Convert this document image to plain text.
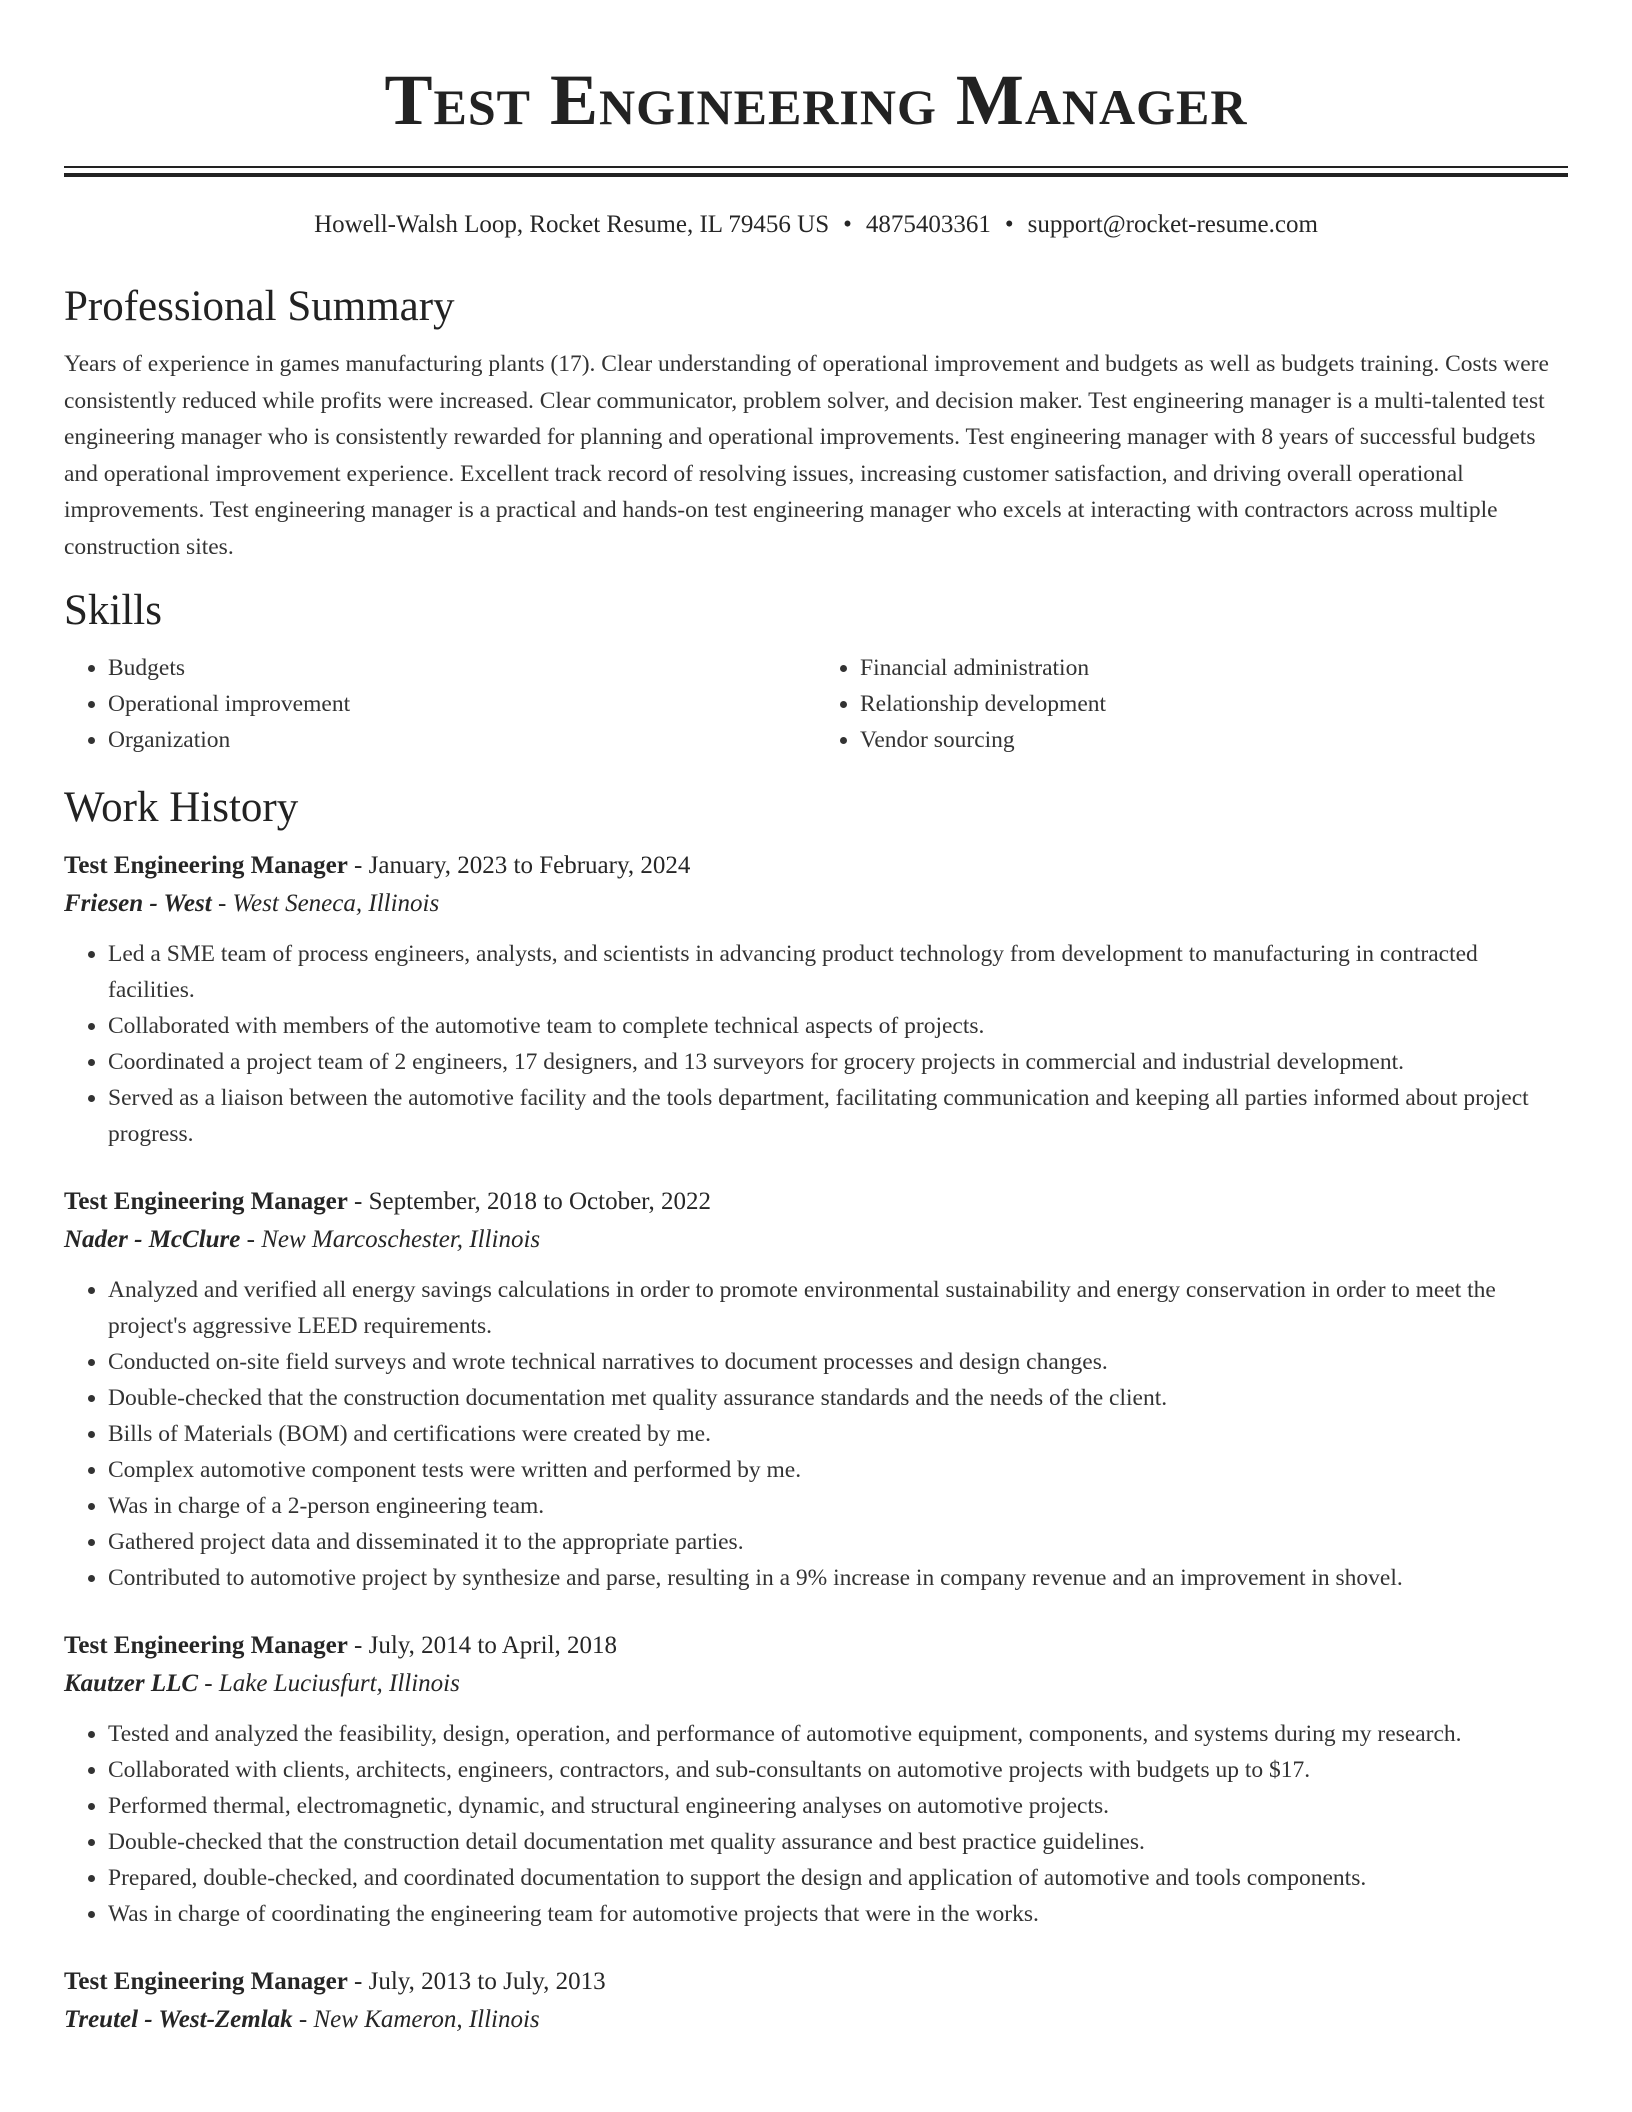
Test Engineering Manager
Howell-Walsh Loop, Rocket Resume, IL 79456 US • 4875403361 • support@rocket-resume.com
Professional Summary
Years of experience in games manufacturing plants (17). Clear understanding of operational improvement and budgets as well as budgets training. Costs were consistently reduced while profits were increased. Clear communicator, problem solver, and decision maker. Test engineering manager is a multi-talented test engineering manager who is consistently rewarded for planning and operational improvements. Test engineering manager with 8 years of successful budgets and operational improvement experience. Excellent track record of resolving issues, increasing customer satisfaction, and driving overall operational improvements. Test engineering manager is a practical and hands-on test engineering manager who excels at interacting with contractors across multiple construction sites.
Skills
• Budgets
• Operational improvement
• Organization
• Financial administration
• Relationship development
• Vendor sourcing
Work History
Test Engineering Manager - January, 2023 to February, 2024
Friesen - West - West Seneca, Illinois
• Led a SME team of process engineers, analysts, and scientists in advancing product technology from development to manufacturing in contracted facilities.
• Collaborated with members of the automotive team to complete technical aspects of projects.
• Coordinated a project team of 2 engineers, 17 designers, and 13 surveyors for grocery projects in commercial and industrial development.
• Served as a liaison between the automotive facility and the tools department, facilitating communication and keeping all parties informed about project progress.
Test Engineering Manager - September, 2018 to October, 2022
Nader - McClure - New Marcoschester, Illinois
• Analyzed and verified all energy savings calculations in order to promote environmental sustainability and energy conservation in order to meet the project's aggressive LEED requirements.
• Conducted on-site field surveys and wrote technical narratives to document processes and design changes.
• Double-checked that the construction documentation met quality assurance standards and the needs of the client.
• Bills of Materials (BOM) and certifications were created by me.
• Complex automotive component tests were written and performed by me.
• Was in charge of a 2-person engineering team.
• Gathered project data and disseminated it to the appropriate parties.
• Contributed to automotive project by synthesize and parse, resulting in a 9% increase in company revenue and an improvement in shovel.
Test Engineering Manager - July, 2014 to April, 2018
Kautzer LLC - Lake Luciusfurt, Illinois
• Tested and analyzed the feasibility, design, operation, and performance of automotive equipment, components, and systems during my research.
• Collaborated with clients, architects, engineers, contractors, and sub-consultants on automotive projects with budgets up to $17.
• Performed thermal, electromagnetic, dynamic, and structural engineering analyses on automotive projects.
• Double-checked that the construction detail documentation met quality assurance and best practice guidelines.
• Prepared, double-checked, and coordinated documentation to support the design and application of automotive and tools components.
• Was in charge of coordinating the engineering team for automotive projects that were in the works.
Test Engineering Manager - July, 2013 to July, 2013
Treutel - West-Zemlak - New Kameron, Illinois
